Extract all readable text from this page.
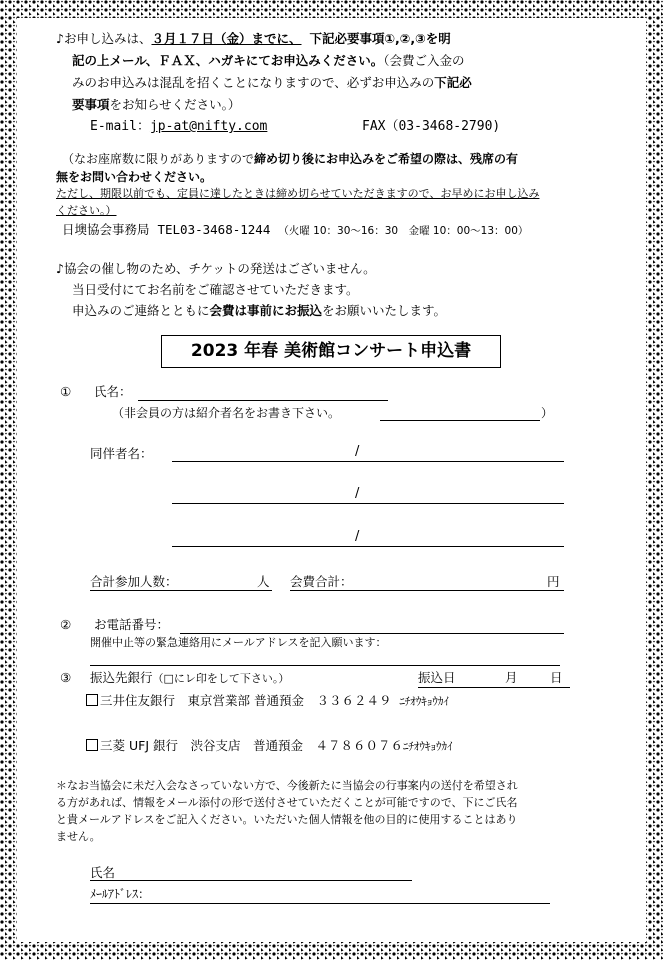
♪お申し込みは、３月１７日（金）までに、 下記必要事項①,②,③を明
記の上メール、ＦＡＸ、ハガキにてお申込みください。（会費ご入金の
みのお申込みは混乱を招くことになりますので、必ずお申込みの下記必
要事項をお知らせください。）
E-mail：jp-at@nifty.com	FAX（03-3468-2790)
（なお座席数に限りがありますので締め切り後にお申込みをご希望の際は、残席の有
無をお問い合わせください。
ただし、期限以前でも、定員に達したときは締め切らせていただきますので、お早めにお申し込み
ください。）
日墺協会事務局 TEL03-3468-1244 （火曜 10：30～16：30　金曜 10：00～13：00）
♪協会の催し物のため、チケットの発送はございません。
当日受付にてお名前をご確認させていただきます。
申込みのご連絡とともに会費は事前にお振込をお願いいたします。
2023 年春 美術館コンサート申込書
① 氏名：
（非会員の方は紹介者名をお書き下さい。	）
同伴者名：	/
/
/
合計参加人数：	人 会費合計：	円
② お電話番号：
開催中止等の緊急連絡用にメールアドレスを記入願います：
③ 振込先銀行（□にレ印をして下さい。）	振込日	月	日
三井住友銀行　東京営業部 普通預金　３３６２４９ ﾆﾁｵｳｷｮｳｶｲ
三菱 UFJ 銀行　渋谷支店　普通預金　４７８６０７６ﾆﾁｵｳｷｮｳｶｲ
＊なお当協会に未だ入会なさっていない方で、今後新たに当協会の行事案内の送付を希望され
る方があれば、情報をメール添付の形で送付させていただくことが可能ですので、下にご氏名
と貴メールアドレスをご記入ください。いただいた個人情報を他の目的に使用することはあり
ません。
氏名
ﾒｰﾙｱﾄﾞﾚｽ：
